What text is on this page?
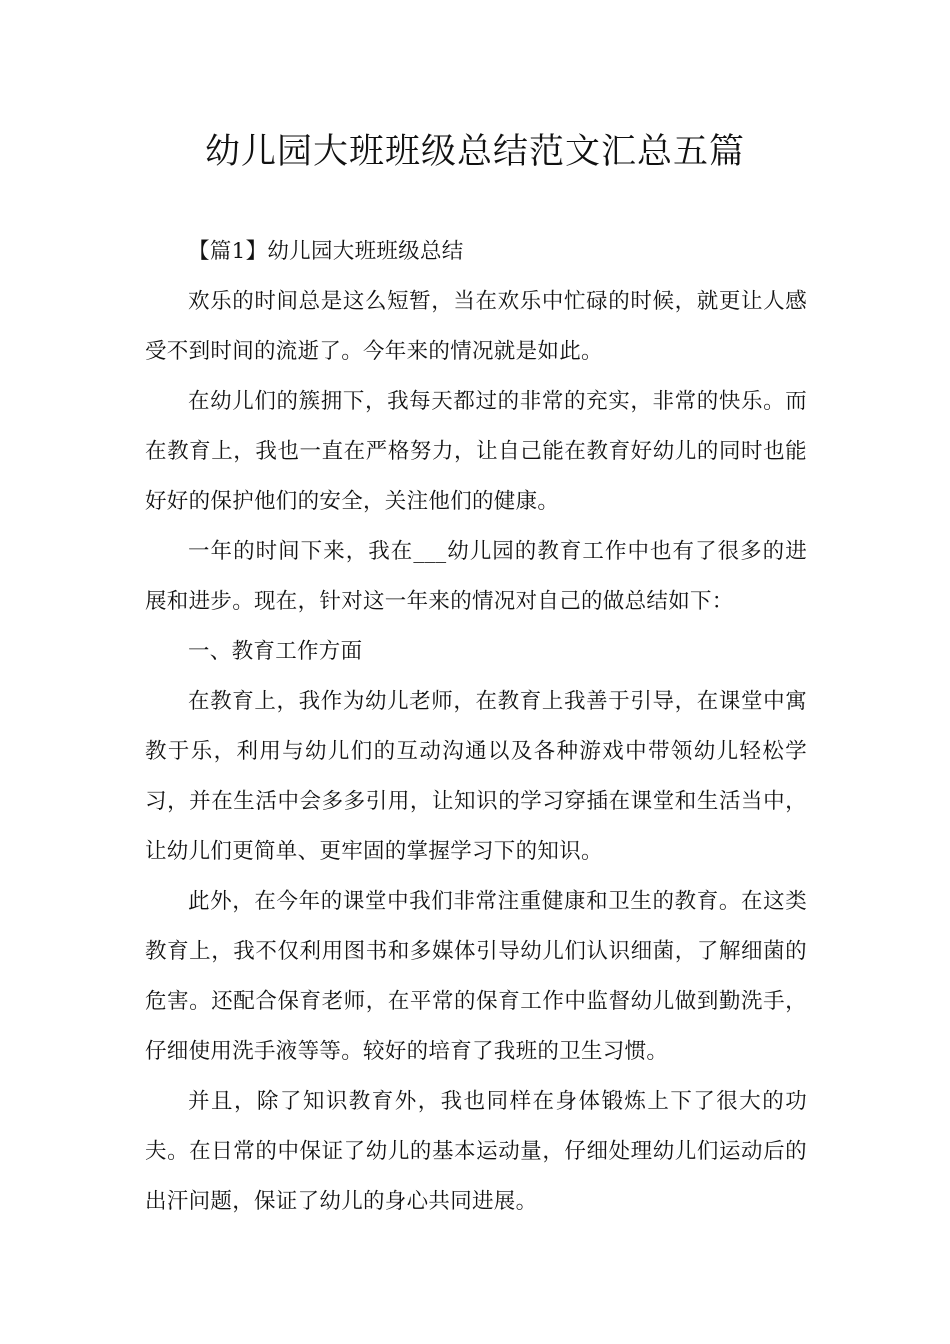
幼儿园大班班级总结范文汇总五篇

【篇1】幼儿园大班班级总结

欢乐的时间总是这么短暂，当在欢乐中忙碌的时候，就更让人感受不到时间的流逝了。今年来的情况就是如此。

在幼儿们的簇拥下，我每天都过的非常的充实，非常的快乐。而在教育上，我也一直在严格努力，让自己能在教育好幼儿的同时也能好好的保护他们的安全，关注他们的健康。

一年的时间下来，我在___幼儿园的教育工作中也有了很多的进展和进步。现在，针对这一年来的情况对自己的做总结如下：

一、教育工作方面

在教育上，我作为幼儿老师，在教育上我善于引导，在课堂中寓教于乐，利用与幼儿们的互动沟通以及各种游戏中带领幼儿轻松学习，并在生活中会多多引用，让知识的学习穿插在课堂和生活当中，让幼儿们更简单、更牢固的掌握学习下的知识。

此外，在今年的课堂中我们非常注重健康和卫生的教育。在这类教育上，我不仅利用图书和多媒体引导幼儿们认识细菌，了解细菌的危害。还配合保育老师，在平常的保育工作中监督幼儿做到勤洗手，仔细使用洗手液等等。较好的培育了我班的卫生习惯。

并且，除了知识教育外，我也同样在身体锻炼上下了很大的功夫。在日常的中保证了幼儿的基本运动量，仔细处理幼儿们运动后的出汗问题，保证了幼儿的身心共同进展。
